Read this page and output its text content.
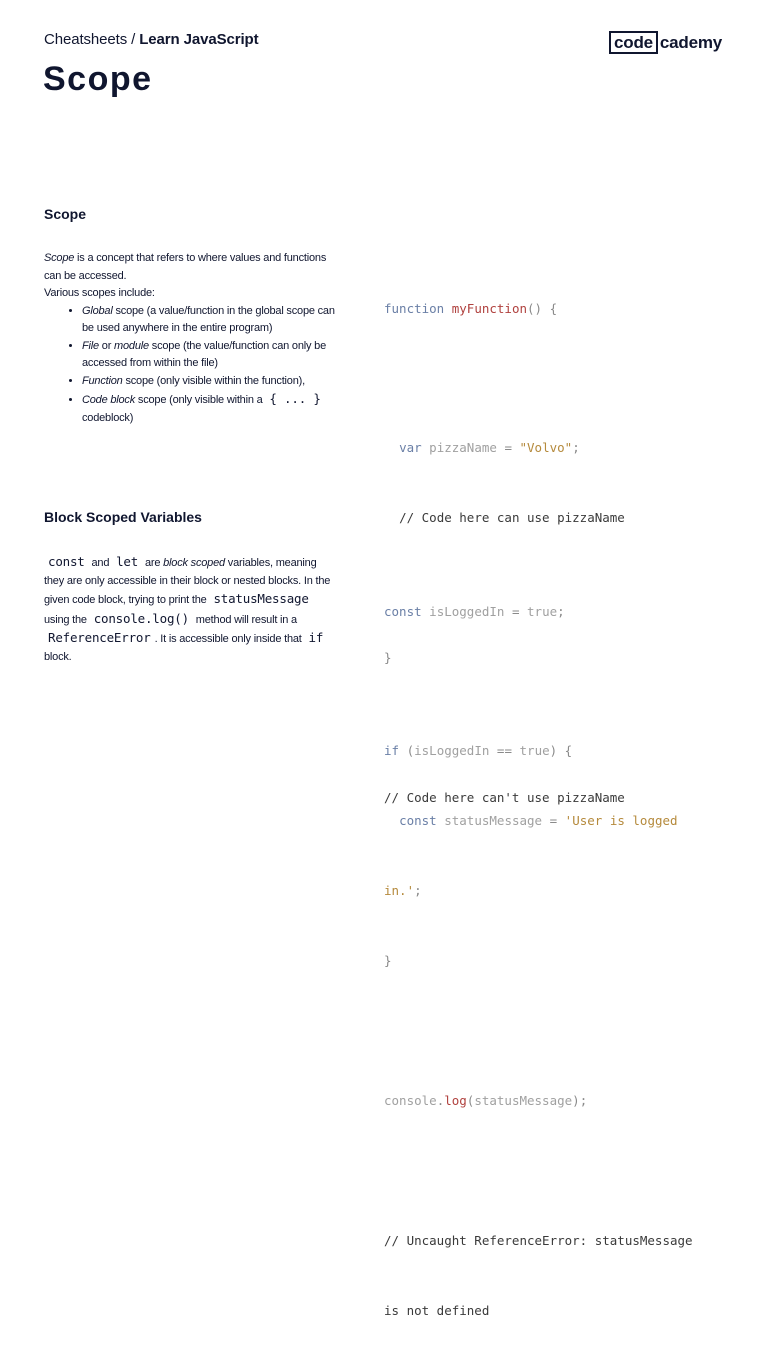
Cheatsheets / Learn JavaScript	code cademy
Scope
Scope
Scope is a concept that refers to where values and functions can be accessed.
Various scopes include:
• Global scope (a value/function in the global scope can be used anywhere in the entire program)
• File or module scope (the value/function can only be accessed from within the file)
• Function scope (only visible within the function),
• Code block scope (only visible within a { ... } codeblock)

function myFunction() {

var pizzaName = "Volvo";

// Code here can use pizzaName

}

// Code here can't use pizzaName

Block Scoped Variables
const and let are block scoped variables, meaning they are only accessible in their block or nested blocks. In the given code block, trying to print the statusMessage using the console.log() method will result in a ReferenceError . It is accessible only inside that if block.

const isLoggedIn = true;

if (isLoggedIn == true) {

const statusMessage = 'User is logged

in.';

}

console.log(statusMessage);

// Uncaught ReferenceError: statusMessage

is not defined
